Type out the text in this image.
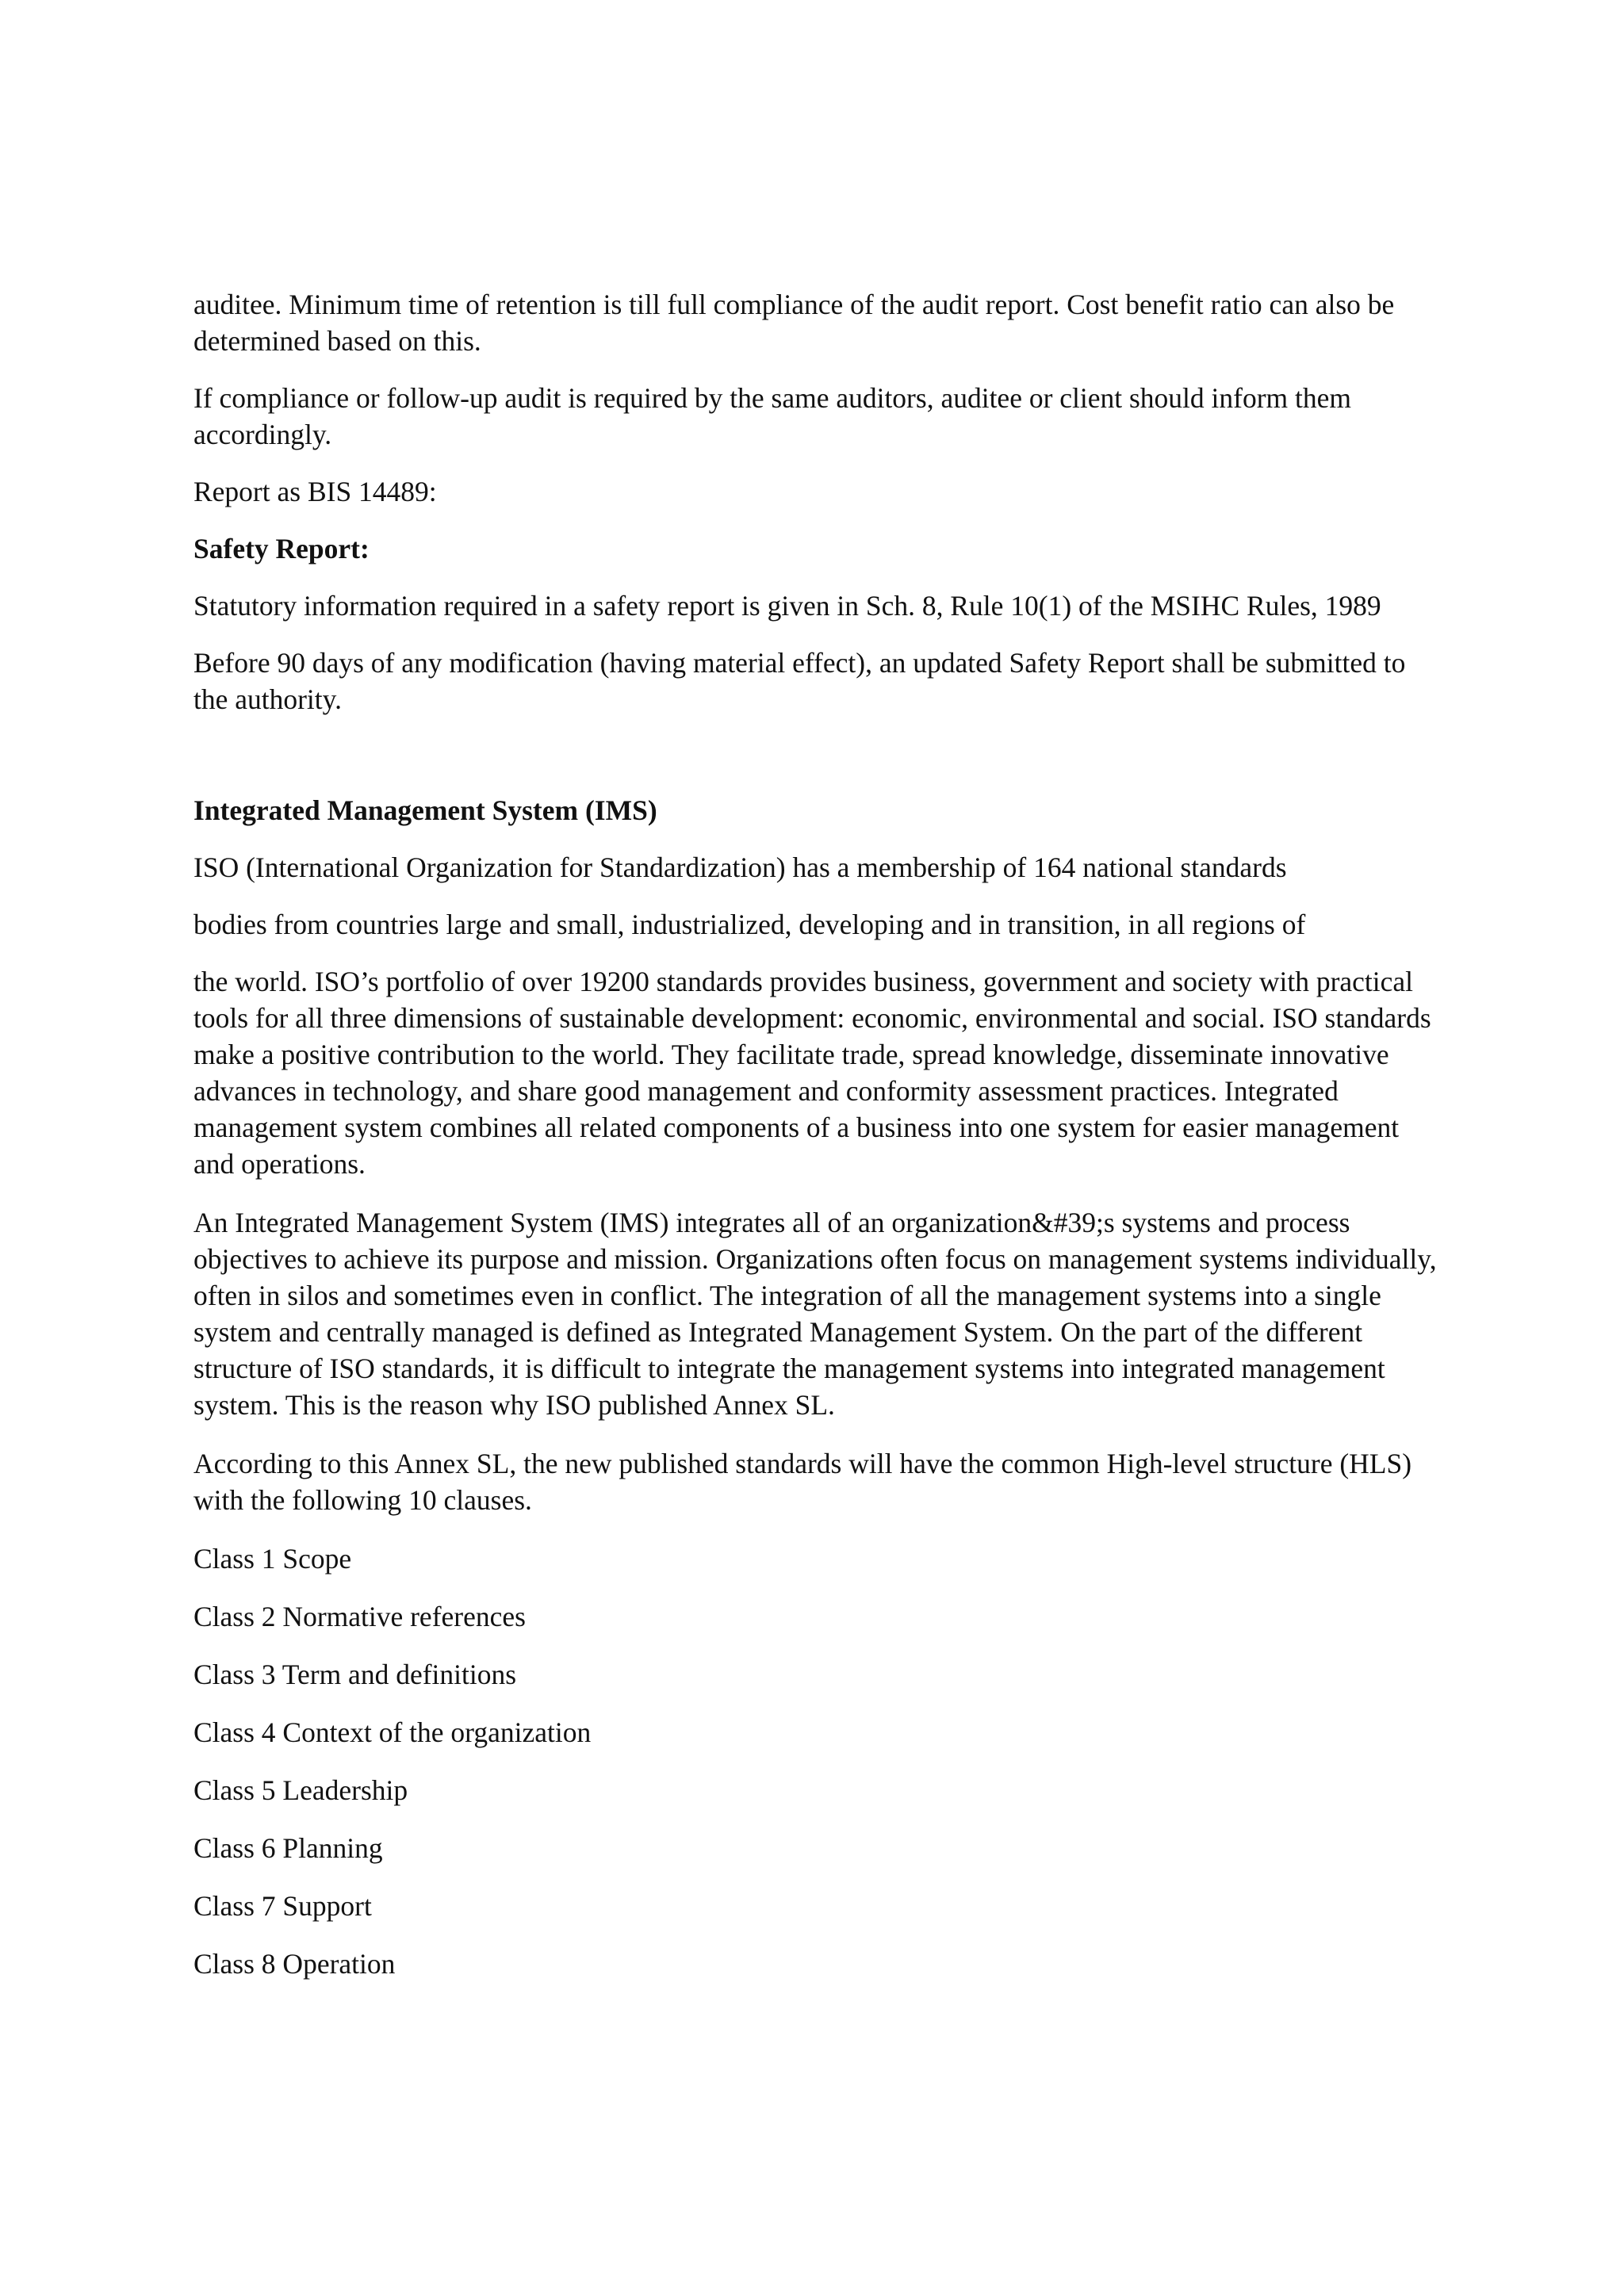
auditee. Minimum time of retention is till full compliance of the audit report. Cost benefit ratio can also be determined based on this.

If compliance or follow-up audit is required by the same auditors, auditee or client should inform them accordingly.

Report as BIS 14489:

Safety Report:

Statutory information required in a safety report is given in Sch. 8, Rule 10(1) of the MSIHC Rules, 1989

Before 90 days of any modification (having material effect), an updated Safety Report shall be submitted to the authority.

Integrated Management System (IMS)

ISO (International Organization for Standardization) has a membership of 164 national standards

bodies from countries large and small, industrialized, developing and in transition, in all regions of

the world. ISO’s portfolio of over 19200 standards provides business, government and society with practical tools for all three dimensions of sustainable development: economic, environmental and social. ISO standards make a positive contribution to the world. They facilitate trade, spread knowledge, disseminate innovative advances in technology, and share good management and conformity assessment practices. Integrated management system combines all related components of a business into one system for easier management and operations.

An Integrated Management System (IMS) integrates all of an organization&#39;s systems and process objectives to achieve its purpose and mission. Organizations often focus on management systems individually, often in silos and sometimes even in conflict. The integration of all the management systems into a single system and centrally managed is defined as Integrated Management System. On the part of the different structure of ISO standards, it is difficult to integrate the management systems into integrated management system. This is the reason why ISO published Annex SL.

According to this Annex SL, the new published standards will have the common High-level structure (HLS) with the following 10 clauses.

Class 1 Scope
Class 2 Normative references
Class 3 Term and definitions
Class 4 Context of the organization
Class 5 Leadership
Class 6 Planning
Class 7 Support
Class 8 Operation
